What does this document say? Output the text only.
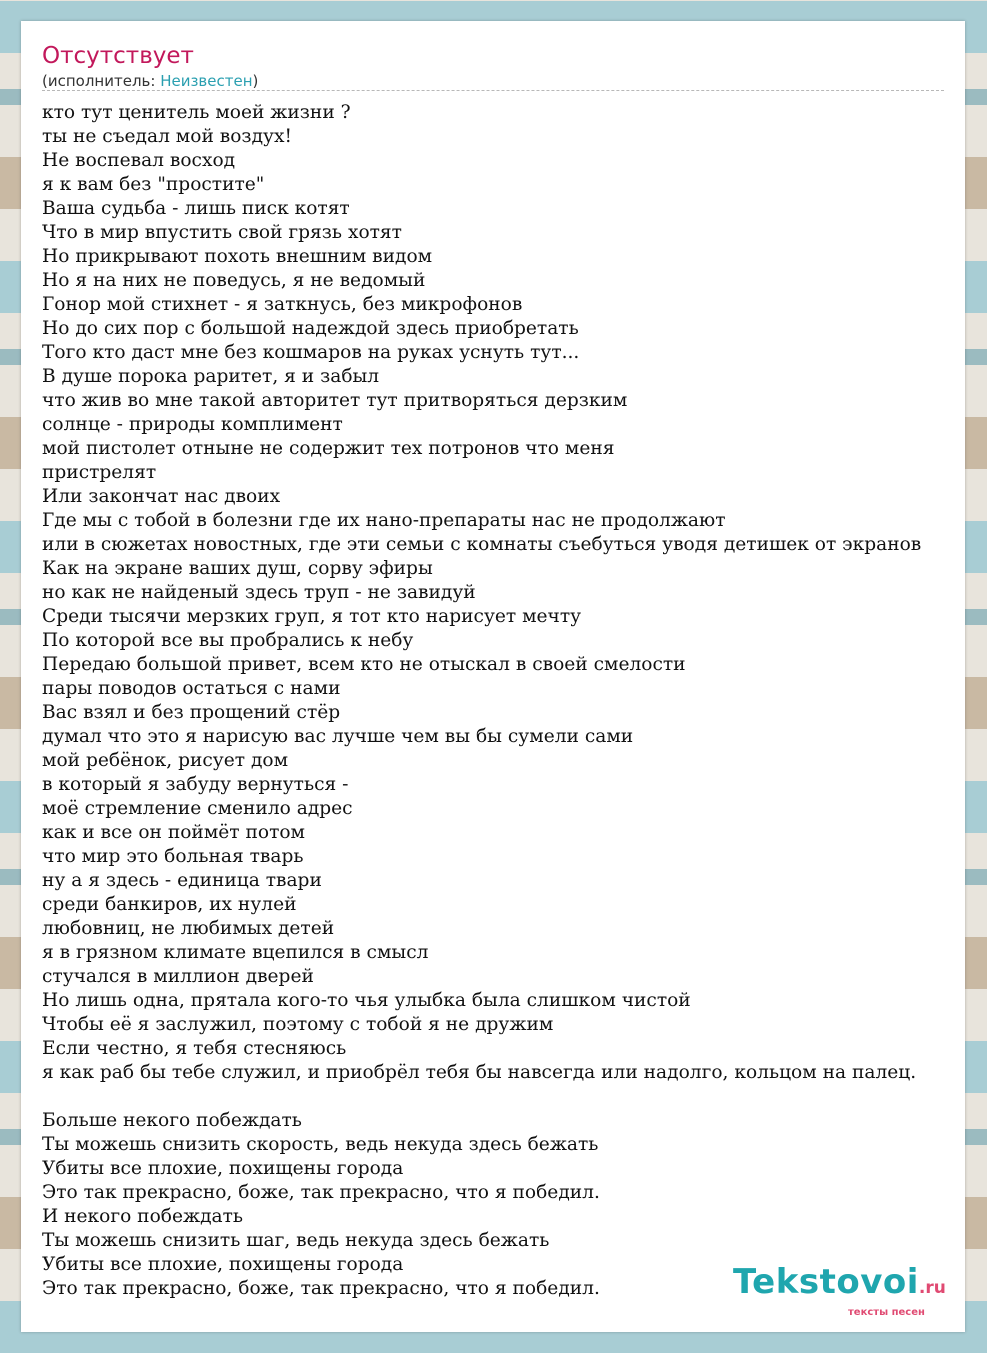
Отсутствует
(исполнитель: Неизвестен)
кто тут ценитель моей жизни ?
ты не съедал мой воздух!
Не воспевал восход
я к вам без "простите"
Ваша судьба - лишь писк котят
Что в мир впустить свой грязь хотят
Но прикрывают похоть внешним видом
Но я на них не поведусь, я не ведомый
Гонор мой стихнет - я заткнусь, без микрофонов
Но до сих пор с большой надеждой здесь приобретать
Того кто даст мне без кошмаров на руках уснуть тут...
В душе порока раритет, я и забыл
что жив во мне такой авторитет тут притворяться дерзким
солнце - природы комплимент
мой пистолет отныне не содержит тех потронов что меня
пристрелят
Или закончат нас двоих
Где мы с тобой в болезни где их нано-препараты нас не продолжают
или в сюжетах новостных, где эти семьи с комнаты съебуться уводя детишек от экранов
Как на экране ваших душ, сорву эфиры
но как не найденый здесь труп - не завидуй
Среди тысячи мерзких груп, я тот кто нарисует мечту
По которой все вы пробрались к небу
Передаю большой привет, всем кто не отыскал в своей смелости
пары поводов остаться с нами
Вас взял и без прощений стёр
думал что это я нарисую вас лучше чем вы бы сумели сами
мой ребёнок, рисует дом
в который я забуду вернуться -
моё стремление сменило адрес
как и все он поймёт потом
что мир это больная тварь
ну а я здесь - единица твари
среди банкиров, их нулей
любовниц, не любимых детей
я в грязном климате вцепился в смысл
стучался в миллион дверей
Но лишь одна, прятала кого-то чья улыбка была слишком чистой
Чтобы её я заслужил, поэтому с тобой я не дружим
Если честно, я тебя стесняюсь
я как раб бы тебе служил, и приобрёл тебя бы навсегда или надолго, кольцом на палец.
Больше некого побеждать
Ты можешь снизить скорость, ведь некуда здесь бежать
Убиты все плохие, похищены города
Это так прекрасно, боже, так прекрасно, что я победил.
И некого побеждать
Ты можешь снизить шаг, ведь некуда здесь бежать
Убиты все плохие, похищены города
Это так прекрасно, боже, так прекрасно, что я победил.	Tekstovoi.ru
тексты песен
